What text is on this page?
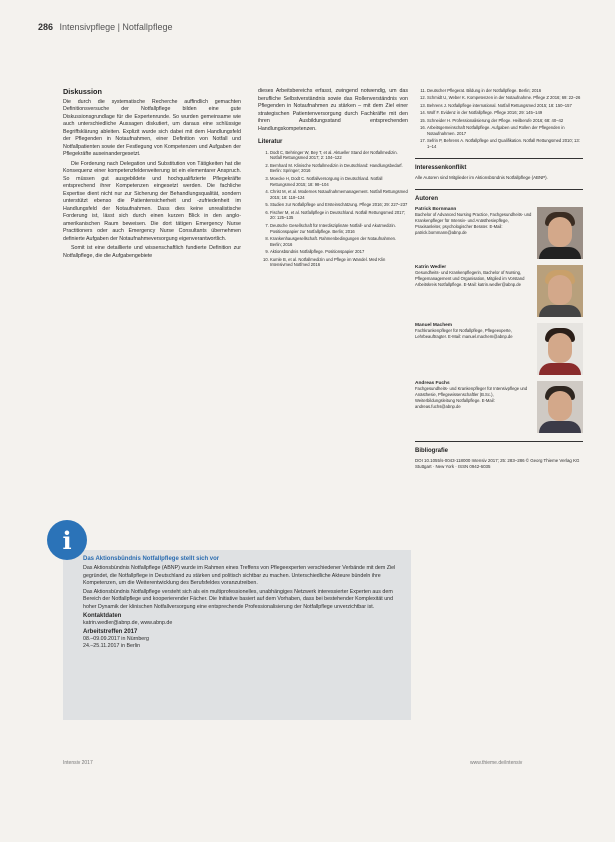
286 Intensivpflege | Notfallpflege
Diskussion

Die durch die systematische Recherche auffindlich gemachten Definitionsversuche der Notfallpflege bilden eine gute Diskussionsgrundlage für die Expertenrunde. So wurden gemeinsame wie auch unterschiedliche Aussagen diskutiert, um daraus eine schlüssige Begriffsklärung ableiten. Explizit wurde sich dabei mit dem Handlungsfeld der Pflegenden in Notaufnahmen, einer Definition von Notfall und Notfallpatienten sowie der Festlegung von Kompetenzen und Aufgaben der Pflegekräfte auseinandergesetzt.

Die Forderung nach Delegation und Substitution von Tätigkeiten hat die Konsequenz einer kompetenzfelderweiterung ist ein elementarer Anspruch. So müssen gut ausgebildete und hochqualifizierte Pflegekräfte entsprechend ihrer Kompetenzen eingesetzt werden. Die fachliche Expertise dient nicht nur zur Sicherung der Behandlungsqualität, sondern unterstützt ebenso die Patientensicherheit und -zufriedenheit im Handlungsfeld der Notaufnahmen. Dass dies keine unrealistische Forderung ist, lässt sich durch einen kurzen Blick in den anglo-amerikanischen Raum beweisen. Die dort tätigen Emergency Nurse Practitioners oder auch Emergency Nurse Consultants übernehmen definierte Aufgaben der Notaufnahmeversorgung eigenverantwortlich.

Somit ist eine detaillierte und wissenschaftlich fundierte Definition zur Notfallpflege, die die Aufgabengebiete

dieses Arbeitsbereichs erfasst, zwingend notwendig, um das berufliche Selbstverständnis sowie das Rollenverständnis von Pflegenden in Notaufnahmen zu stärken – mit dem Ziel einer strategischen Patientenversorgung durch Fachkräfte mit den ihren Ausbildungsstand entsprechenden Handlungskompetenzen.

Literatur
1. Dodt C, Behringer W, Bey T, et al. Aktueller Stand der Notfallmedizin. Notfall Rettungsmed 2017; 2: 104–122
2. Bernhard M. Klinische Notfallmedizin in Deutschland: Handlungsbedarf. Berlin: Springer; 2016
3. Moecke H, Dodt C. Notfallversorgung in Deutschland. Notfall Rettungsmed 2015; 18: 98–104
4. Christ M, et al. Modernes Notaufnahmemanagement. Notfall Rettungsmed 2015; 18: 118–124
5. Studien zur Notfallpflege und Ersteinschätzung. Pflege 2016; 29: 227–237
6. Fischer M, et al. Notfallpflege in Deutschland. Notfall Rettungsmed 2017; 20: 125–135
7. Deutsche Gesellschaft für Interdisziplinäre Notfall- und Akutmedizin. Positionspapier zur Notfallpflege. Berlin; 2016
8. Krankenhausgesellschaft. Rahmenbedingungen der Notaufnahmen. Berlin; 2016
9. Aktionsbündnis Notfallpflege. Positionspapier 2017
10. Kumle B, et al. Notfallmedizin und Pflege im Wandel. Med Klin Intensivmed Notfmed 2016
11. Deutscher Pflegerat. Bildung in der Notfallpflege. Berlin; 2016
12. Schmidt U, Weber K. Kompetenzen in der Notaufnahme. Pflege Z 2016; 69: 22–26
13. Behrens J. Notfallpflege international. Notfall Rettungsmed 2015; 18: 150–157
14. Wolf F. Evidenz in der Notfallpflege. Pflege 2016; 29: 145–149
15. Schneider H. Professionalisierung der Pflege. Heilberufe 2016; 68: 40–42
16. Arbeitsgemeinschaft Notfallpflege. Aufgaben und Rollen der Pflegenden in Notaufnahmen. 2017
17. Sefrin P, Behrens A. Notfallpflege und Qualifikation. Notfall Rettungsmed 2010; 13: 1–14
Interessenkonflikt

Alle Autoren sind Mitglieder im Aktionsbündnis Notfallpflege (ABNP).

Autoren
Patrick Bornmann
Bachelor of Advanced Nursing Practice, Fachgesundheits- und Krankenpfleger für Intensiv- und Anästhesiepflege, Praxisanleiter, psychologischer Berater. E-Mail: patrick.bornmann@abnp.de
Katrin Wedler
Gesundheits- und Krankenpflegerin, Bachelor of Nursing, Pflegemanagement und Organisation, Mitglied im Vorstand Arbeitskreis Notfallpflege. E-Mail: katrin.wedler@abnp.de
Manuel Machem
Fachkrankenpfleger für Notfallpflege, Pflegeexperte, Lehrbeauftragter. E-Mail: manuel.machem@abnp.de
Andreas Fuchs
Fachgesundheits- und Krankenpfleger für Intensivpflege und Anästhesie, Pflegewissenschaftler (B.Sc.), Weiterbildungsleitung Notfallpflege. E-Mail: andreas.fuchs@abnp.de
Bibliografie

DOI 10.1055/s-0043-118000 Intensiv 2017; 25: 283–286 © Georg Thieme Verlag KG Stuttgart · New York · ISSN 0942-6035

Das Aktionsbündnis Notfallpflege stellt sich vor

Das Aktionsbündnis Notfallpflege (ABNP) wurde im Rahmen eines Treffens von Pflegeexperten verschiedener Verbände mit dem Ziel gegründet, die Notfallpflege in Deutschland zu stärken und politisch sichtbar zu machen. Unterschiedliche Akteure bündeln ihre Kompetenzen, um die Weiterentwicklung des Berufsfeldes voranzutreiben.

Das Aktionsbündnis Notfallpflege versteht sich als ein multiprofessionelles, unabhängiges Netzwerk interessierter Experten aus dem Bereich der Notfallpflege und kooperierender Fächer. Die Initiative basiert auf dem Vorhaben, dass bei bestehender Komplexität und hoher Dynamik der klinischen Notfallversorgung eine entsprechende Professionalisierung der Notfallpflege unverzichtbar ist.

Kontaktdaten
katrin.wedler@abnp.de, www.abnp.de
Arbeitstreffen 2017
08.–09.09.2017 in Nürnberg
24.–25.11.2017 in Berlin
i
Intensiv 2017	www.thieme.de/intensiv
